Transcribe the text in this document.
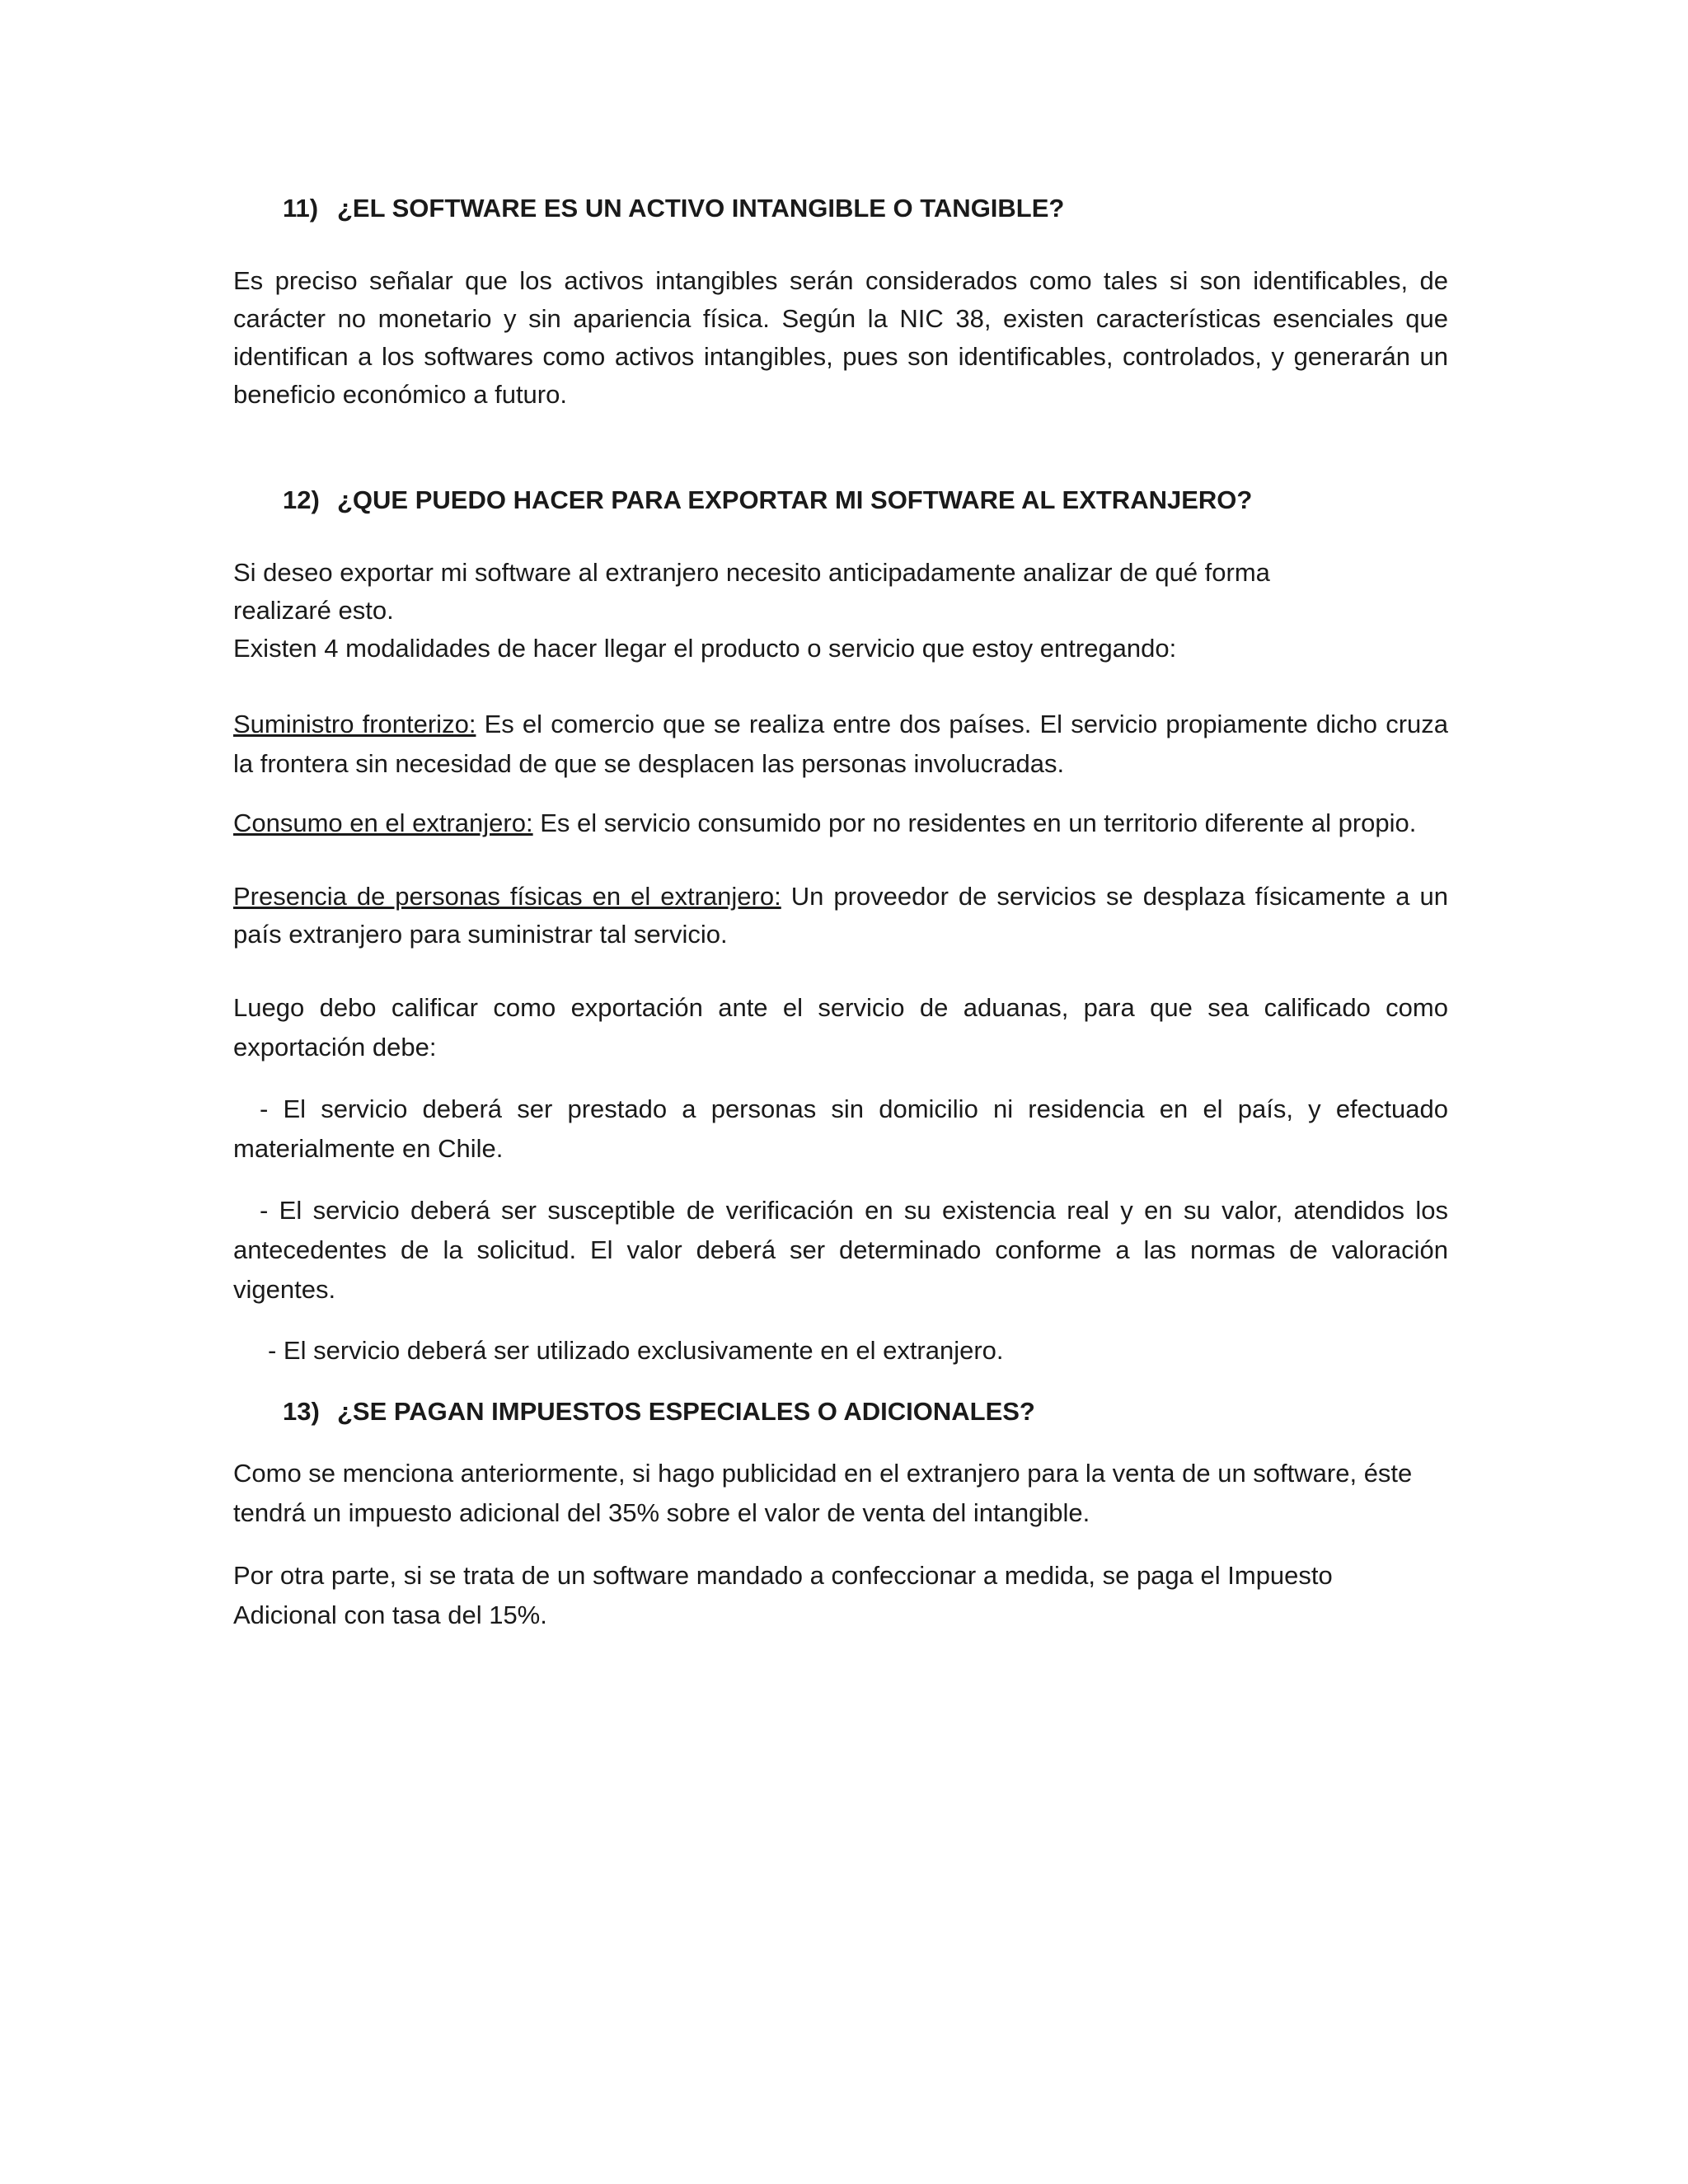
11) ¿EL SOFTWARE ES UN ACTIVO INTANGIBLE O TANGIBLE?

Es preciso señalar que los activos intangibles serán considerados como tales si son identificables, de carácter no monetario y sin apariencia física. Según la NIC 38, existen características esenciales que identifican a los softwares como activos intangibles, pues son identificables, controlados, y generarán un beneficio económico a futuro.

12) ¿QUE PUEDO HACER PARA EXPORTAR MI SOFTWARE AL EXTRANJERO?

Si deseo exportar mi software al extranjero necesito anticipadamente analizar de qué forma realizaré esto.

Existen 4 modalidades de hacer llegar el producto o servicio que estoy entregando:

Suministro fronterizo: Es el comercio que se realiza entre dos países. El servicio propiamente dicho cruza la frontera sin necesidad de que se desplacen las personas involucradas.

Consumo en el extranjero: Es el servicio consumido por no residentes en un territorio diferente al propio.

Presencia de personas físicas en el extranjero: Un proveedor de servicios se desplaza físicamente a un país extranjero para suministrar tal servicio.

Luego debo calificar como exportación ante el servicio de aduanas, para que sea calificado como exportación debe:

- El servicio deberá ser prestado a personas sin domicilio ni residencia en el país, y efectuado materialmente en Chile.

- El servicio deberá ser susceptible de verificación en su existencia real y en su valor, atendidos los antecedentes de la solicitud. El valor deberá ser determinado conforme a las normas de valoración vigentes.

- El servicio deberá ser utilizado exclusivamente en el extranjero.

13) ¿SE PAGAN IMPUESTOS ESPECIALES O ADICIONALES?

Como se menciona anteriormente, si hago publicidad en el extranjero para la venta de un software, éste tendrá un impuesto adicional del 35% sobre el valor de venta del intangible.

Por otra parte, si se trata de un software mandado a confeccionar a medida, se paga el Impuesto Adicional con tasa del 15%.
